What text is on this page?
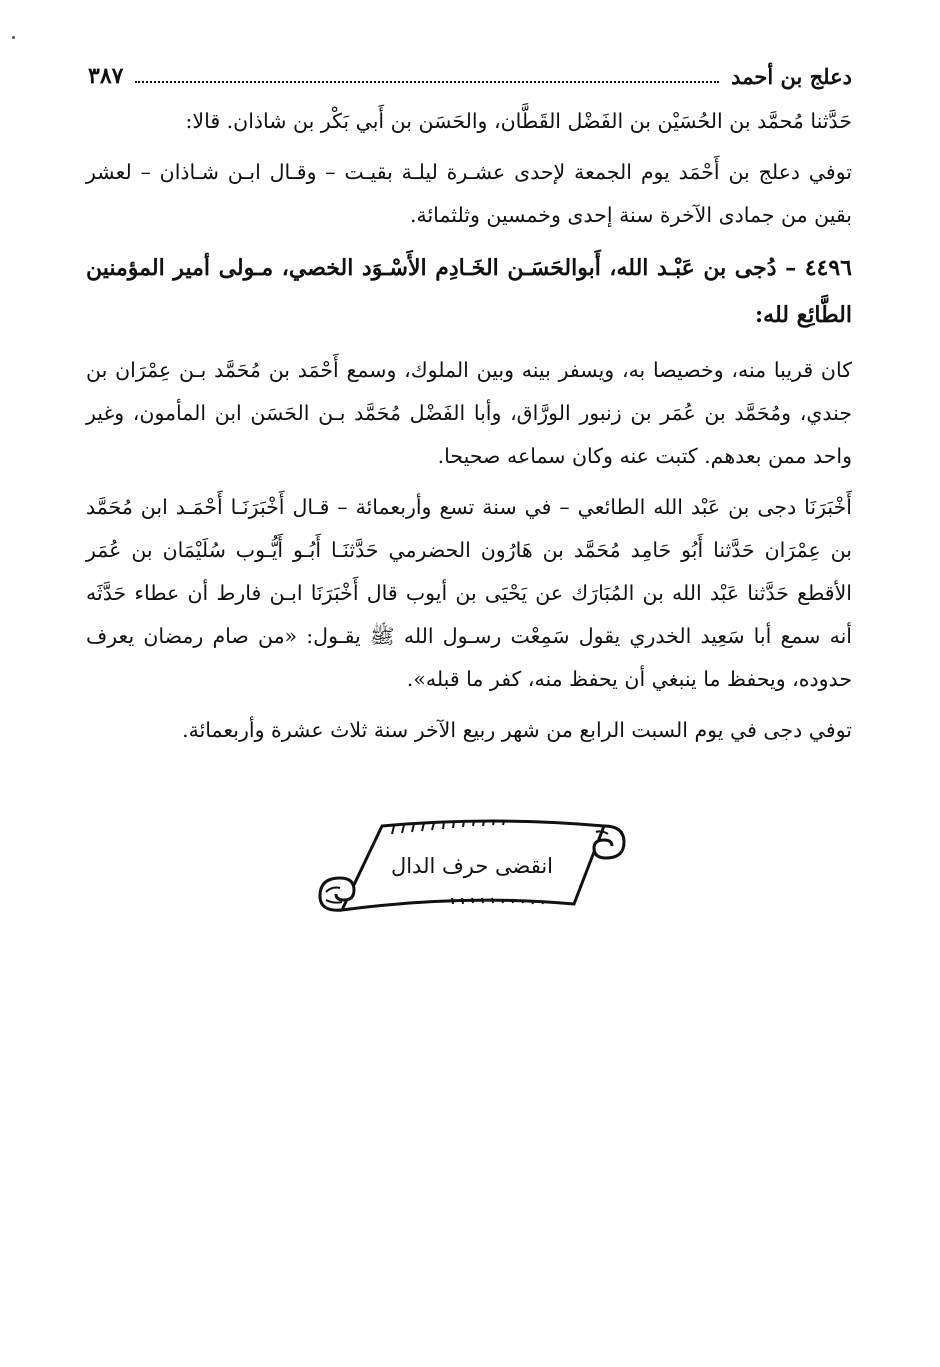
دعلج بن أحمد
٣٨٧

حَدَّثنا مُحمَّد بن الحُسَيْن بن الفَضْل القَطَّان، والحَسَن بن أَبي بَكْر بن شاذان. قالا:

توفي دعلج بن أَحْمَد يوم الجمعة لإحدى عشـرة ليلـة بقيـت – وقـال ابـن شـاذان – لعشر بقين من جمادى الآخرة سنة إحدى وخمسين وثلثمائة.

٤٤٩٦ – دُجى بن عَبْـد الله، أَبوالحَسَـن الخَـادِم الأَسْـوَد الخصي، مـولى أمير المؤمنين الطَّائِع لله:

كان قريبا منه، وخصيصا به، ويسفر بينه وبين الملوك، وسمع أَحْمَد بن مُحَمَّد بـن عِمْرَان بن جندي، ومُحَمَّد بن عُمَر بن زنبور الورَّاق، وأبا الفَضْل مُحَمَّد بـن الحَسَن ابن المأمون، وغير واحد ممن بعدهم. كتبت عنه وكان سماعه صحيحا.

أَخْبَرَنَا دجى بن عَبْد الله الطائعي – في سنة تسع وأربعمائة – قـال أَخْبَرَنَـا أَحْمَـد ابن مُحَمَّد بن عِمْرَان حَدَّثنا أَبُو حَامِد مُحَمَّد بن هَارُون الحضرمي حَدَّثنَـا أَبُـو أَيُّـوب سُلَيْمَان بن عُمَر الأقطع حَدَّثنا عَبْد الله بن المُبَارَك عن يَحْيَى بن أيوب قال أَخْبَرَنَا ابـن فارط أن عطاء حَدَّثَه أنه سمع أبا سَعِيد الخدري يقول سَمِعْت رسـول الله ﷺ يقـول: «من صام رمضان يعرف حدوده، ويحفظ ما ينبغي أن يحفظ منه، كفر ما قبله».

توفي دجى في يوم السبت الرابع من شهر ربيع الآخر سنة ثلاث عشرة وأربعمائة.

انقضى حرف الدال
